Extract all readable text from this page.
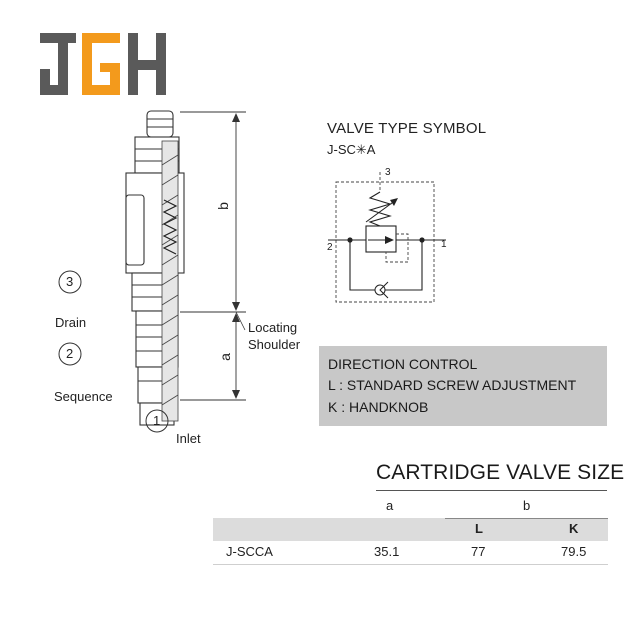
b
a
3
Drain
2
Sequence
1
Inlet
Locating
Shoulder
VALVE TYPE SYMBOL
J-SC✳A
3
2	1
DIRECTION CONTROL
L : STANDARD SCREW ADJUSTMENT
K : HANDKNOB
CARTRIDGE VALVE SIZE
a	b
L	K
J-SCCA	35.1	77	79.5
